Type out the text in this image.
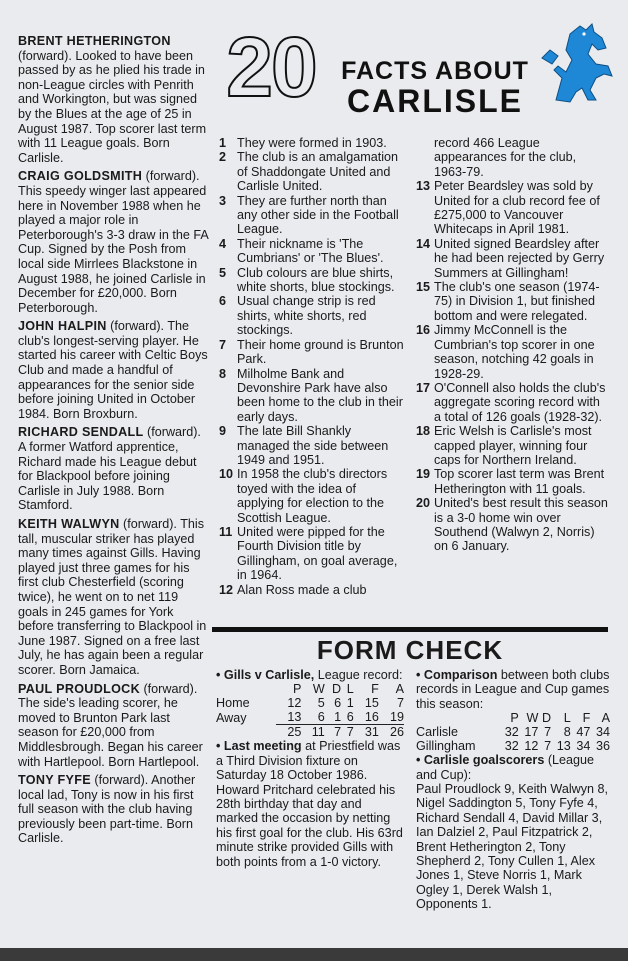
BRENT HETHERINGTON (forward). Looked to have been passed by as he plied his trade in non-League circles with Penrith and Workington, but was signed by the Blues at the age of 25 in August 1987. Top scorer last term with 11 League goals. Born Carlisle.

CRAIG GOLDSMITH (forward). This speedy winger last appeared here in November 1988 when he played a major role in Peterborough's 3-3 draw in the FA Cup. Signed by the Posh from local side Mirrlees Blackstone in August 1988, he joined Carlisle in December for £20,000. Born Peterborough.

JOHN HALPIN (forward). The club's longest-serving player. He started his career with Celtic Boys Club and made a handful of appearances for the senior side before joining United in October 1984. Born Broxburn.

RICHARD SENDALL (forward). A former Watford apprentice, Richard made his League debut for Blackpool before joining Carlisle in July 1988. Born Stamford.

KEITH WALWYN (forward). This tall, muscular striker has played many times against Gills. Having played just three games for his first club Chesterfield (scoring twice), he went on to net 119 goals in 245 games for York before transferring to Blackpool in June 1987. Signed on a free last July, he has again been a regular scorer. Born Jamaica.

PAUL PROUDLOCK (forward). The side's leading scorer, he moved to Brunton Park last season for £20,000 from Middlesbrough. Began his career with Hartlepool. Born Hartlepool.

TONY FYFE (forward). Another local lad, Tony is now in his first full season with the club having previously been part-time. Born Carlisle.

20 FACTS ABOUT
CARLISLE
1 They were formed in 1903.
2 The club is an amalgamation of Shaddongate United and Carlisle United.
3 They are further north than any other side in the Football League.
4 Their nickname is 'The Cumbrians' or 'The Blues'.
5 Club colours are blue shirts, white shorts, blue stockings.
6 Usual change strip is red shirts, white shorts, red stockings.
7 Their home ground is Brunton Park.
8 Milholme Bank and Devonshire Park have also been home to the club in their early days.
9 The late Bill Shankly managed the side between 1949 and 1951.
10 In 1958 the club's directors toyed with the idea of applying for election to the Scottish League.
11 United were pipped for the Fourth Division title by Gillingham, on goal average, in 1964.
12 Alan Ross made a club
record 466 League appearances for the club, 1963-79.
13 Peter Beardsley was sold by United for a club record fee of £275,000 to Vancouver Whitecaps in April 1981.
14 United signed Beardsley after he had been rejected by Gerry Summers at Gillingham!
15 The club's one season (1974-75) in Division 1, but finished bottom and were relegated.
16 Jimmy McConnell is the Cumbrian's top scorer in one season, notching 42 goals in 1928-29.
17 O'Connell also holds the club's aggregate scoring record with a total of 126 goals (1928-32).
18 Eric Welsh is Carlisle's most capped player, winning four caps for Northern Ireland.
19 Top scorer last term was Brent Hetherington with 11 goals.
20 United's best result this season is a 3-0 home win over Southend (Walwyn 2, Norris) on 6 January.
FORM CHECK
• Gills v Carlisle, League record:
	P	W	D	L	F	A
Home	12	5	6	1	15	7
Away	13	6	1	6	16	19
	25	11	7	7	31	26
• Last meeting at Priestfield was a Third Division fixture on Saturday 18 October 1986. Howard Pritchard celebrated his 28th birthday that day and marked the occasion by netting his first goal for the club. His 63rd minute strike provided Gills with both points from a 1-0 victory.
• Comparison between both clubs records in League and Cup games this season:
	P	W	D	L	F	A
Carlisle	32	17	7	8	47	34
Gillingham	32	12	7	13	34	36
• Carlisle goalscorers (League and Cup):
Paul Proudlock 9, Keith Walwyn 8, Nigel Saddington 5, Tony Fyfe 4, Richard Sendall 4, David Millar 3, Ian Dalziel 2, Paul Fitzpatrick 2, Brent Hetherington 2, Tony Shepherd 2, Tony Cullen 1, Alex Jones 1, Steve Norris 1, Mark Ogley 1, Derek Walsh 1, Opponents 1.
